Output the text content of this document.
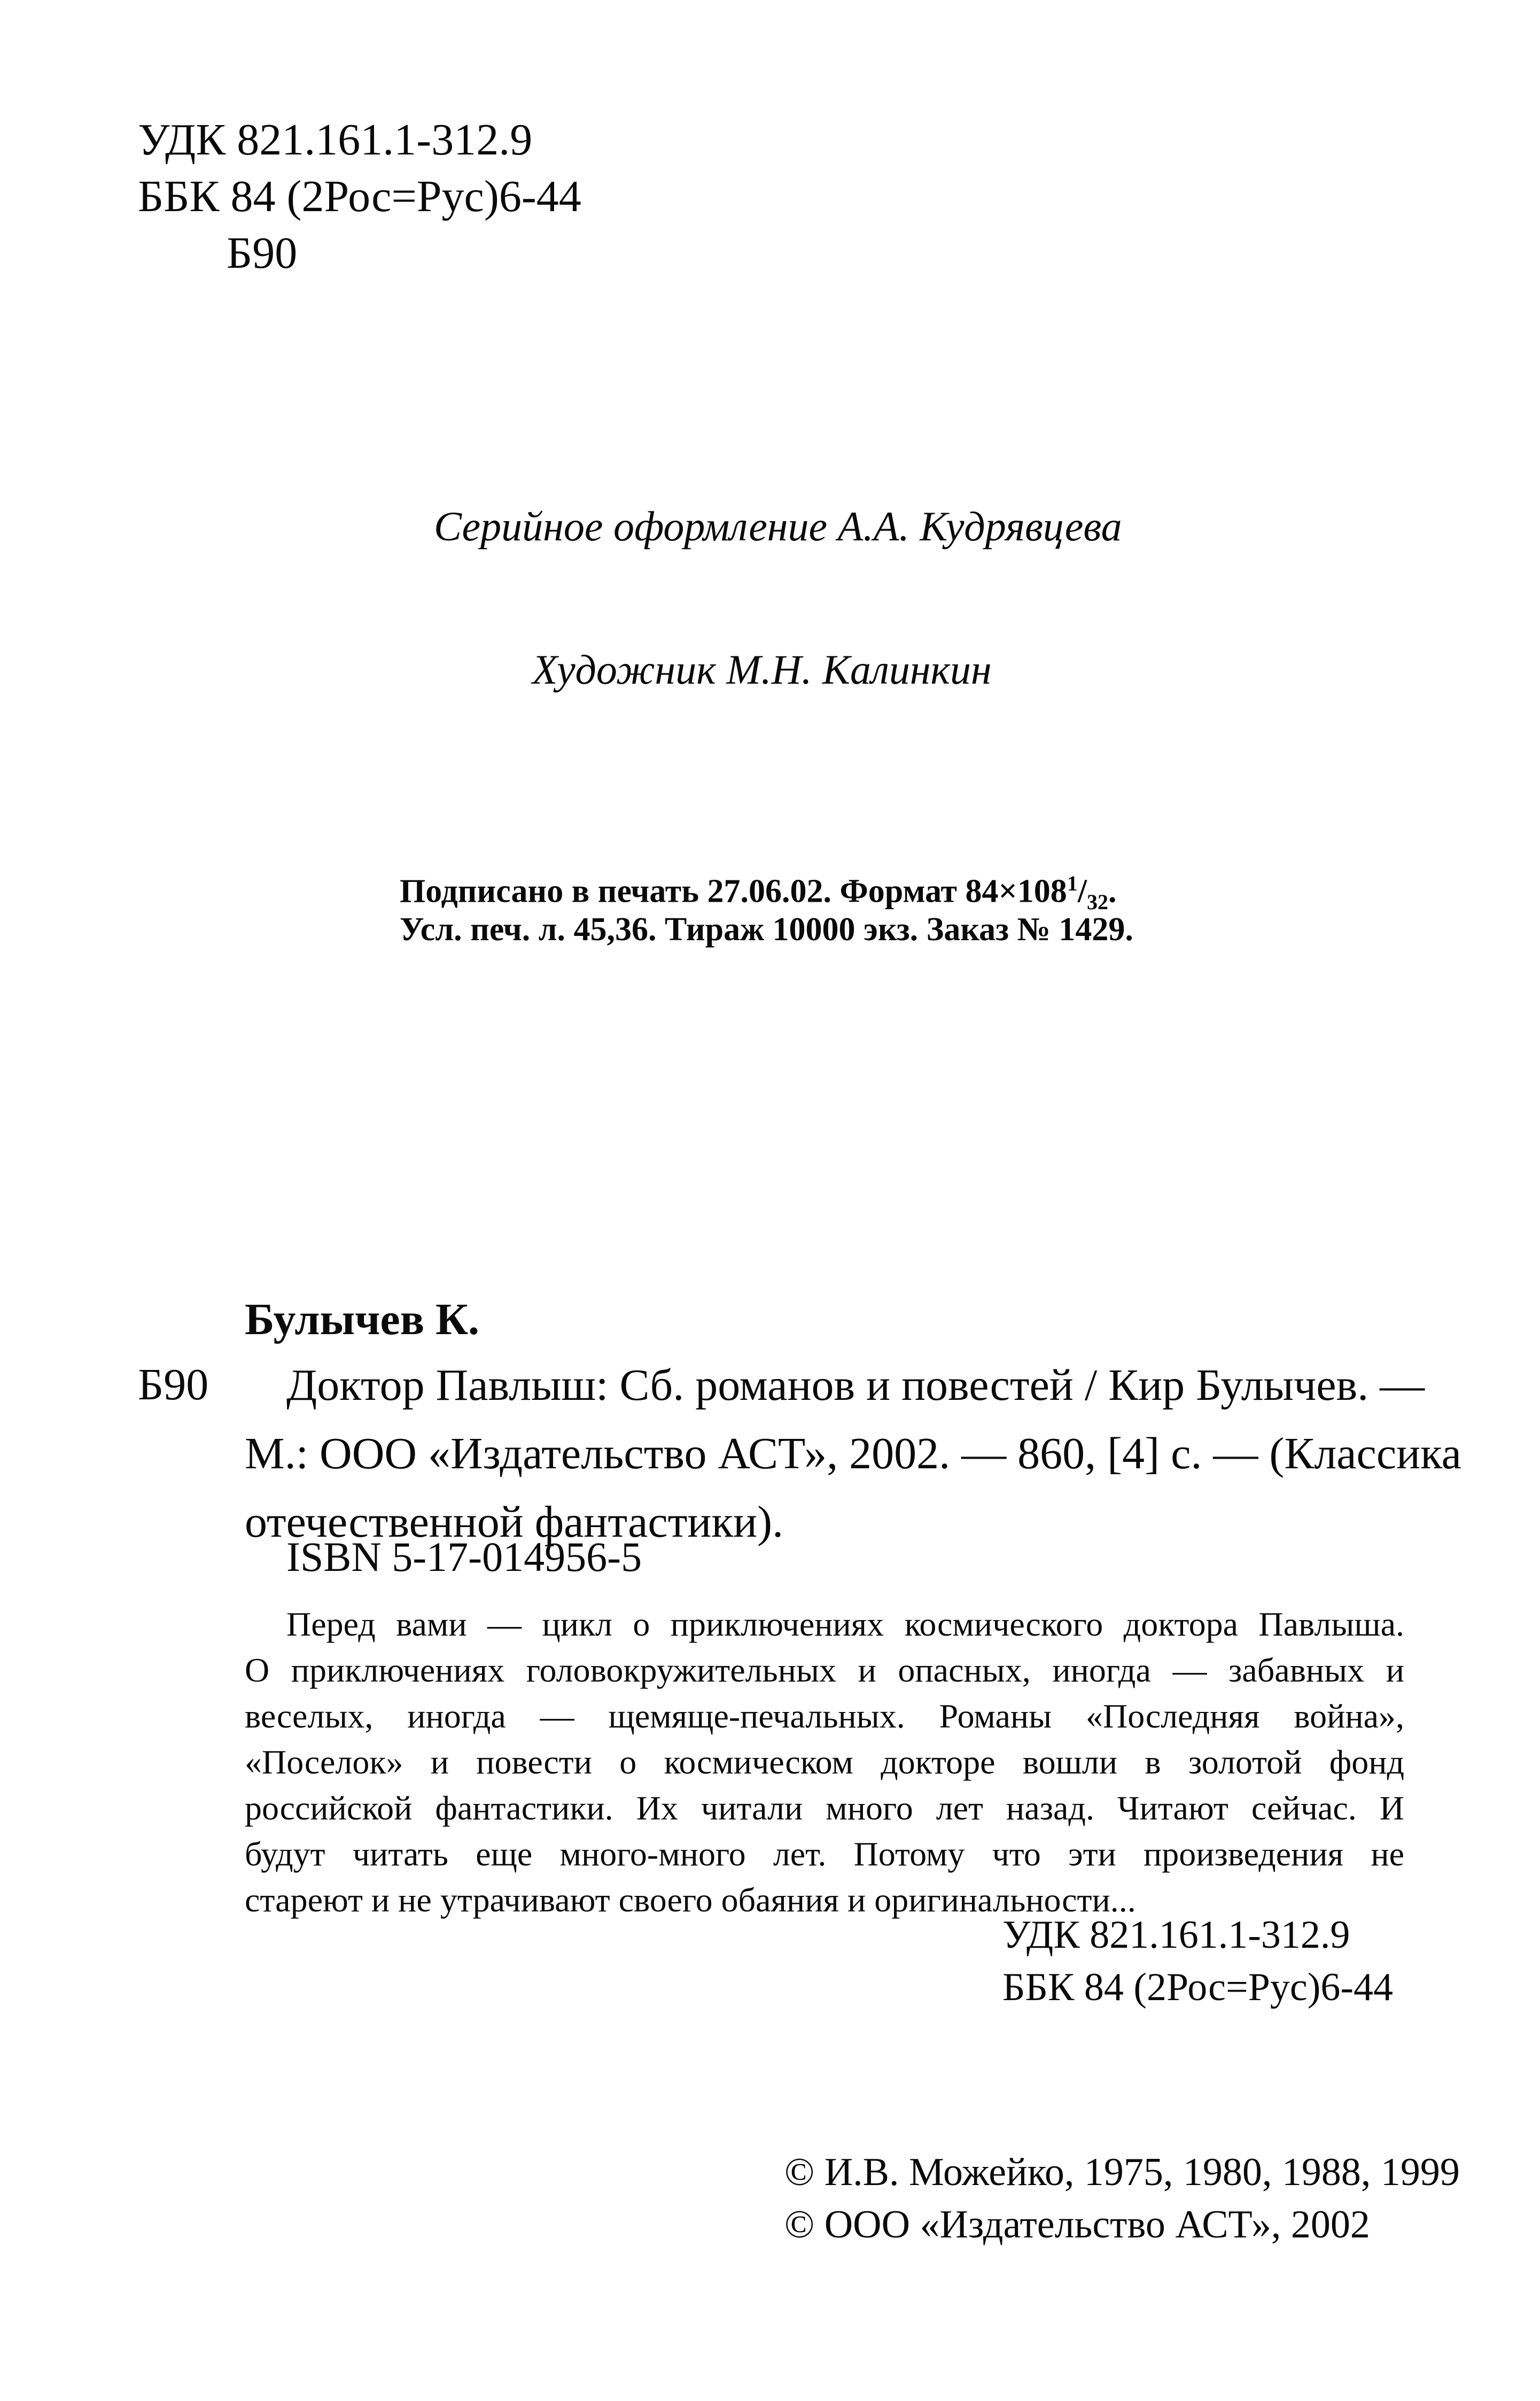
УДК 821.161.1-312.9
ББК 84 (2Рос=Рус)6-44
Б90
Серийное оформление А.А. Кудрявцева
Художник М.Н. Калинкин
Подписано в печать 27.06.02. Формат $84\times 108^1/_{32}$.
Усл. печ. л. 45,36. Тираж 10000 экз. Заказ № 1429.
Булычев К.
Б90 Доктор Павлыш: Сб. романов и повестей / Кир Булычев. —
М.: ООО «Издательство АСТ», 2002. — 860, [4] с. — (Классика
отечественной фантастики).
ISBN 5-17-014956-5
Перед вами — цикл о приключениях космического доктора Павлыша.
О приключениях головокружительных и опасных, иногда — забавных и
веселых, иногда — щемяще-печальных. Романы «Последняя война»,
«Поселок» и повести о космическом докторе вошли в золотой фонд
российской фантастики. Их читали много лет назад. Читают сейчас. И
будут читать еще много-много лет. Потому что эти произведения не
стареют и не утрачивают своего обаяния и оригинальности...
УДК 821.161.1-312.9
ББК 84 (2Рос=Рус)6-44
© И.В. Можейко, 1975, 1980, 1988, 1999
© ООО «Издательство АСТ», 2002
